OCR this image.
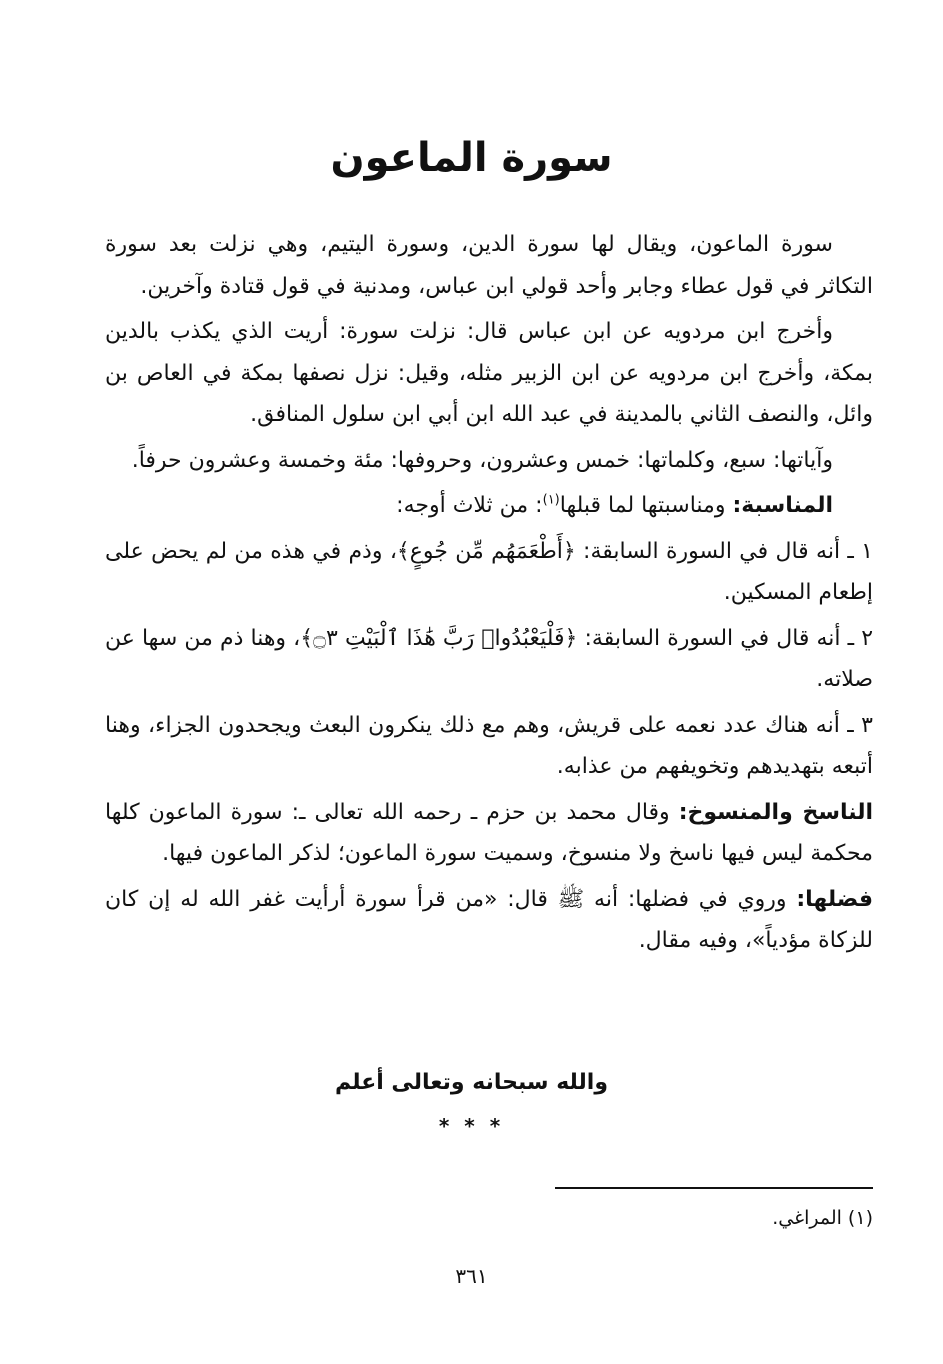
سورة الماعون

سورة الماعون، ويقال لها سورة الدين، وسورة اليتيم، وهي نزلت بعد سورة التكاثر في قول عطاء وجابر وأحد قولي ابن عباس، ومدنية في قول قتادة وآخرين.

وأخرج ابن مردويه عن ابن عباس قال: نزلت سورة: أريت الذي يكذب بالدين بمكة، وأخرج ابن مردويه عن ابن الزبير مثله، وقيل: نزل نصفها بمكة في العاص بن وائل، والنصف الثاني بالمدينة في عبد الله ابن أبي ابن سلول المنافق.

وآياتها: سبع، وكلماتها: خمس وعشرون، وحروفها: مئة وخمسة وعشرون حرفاً.

المناسبة: ومناسبتها لما قبلها$^{(١)}$: من ثلاث أوجه:

١ ـ أنه قال في السورة السابقة: ﴿أَطْعَمَهُم مِّن جُوعٍ﴾، وذم في هذه من لم يحض على إطعام المسكين.

٢ ـ أنه قال في السورة السابقة: ﴿فَلْيَعْبُدُوا۟ رَبَّ هَٰذَا ٱلْبَيْتِ ۝٣﴾، وهنا ذم من سها عن صلاته.

٣ ـ أنه هناك عدد نعمه على قريش، وهم مع ذلك ينكرون البعث ويجحدون الجزاء، وهنا أتبعه بتهديدهم وتخويفهم من عذابه.

الناسخ والمنسوخ: وقال محمد بن حزم ـ رحمه الله تعالى ـ: سورة الماعون كلها محكمة ليس فيها ناسخ ولا منسوخ، وسميت سورة الماعون؛ لذكر الماعون فيها.

فضلها: وروي في فضلها: أنه ﷺ قال: «من قرأ سورة أرأيت غفر الله له إن كان للزكاة مؤدياً»، وفيه مقال.

والله سبحانه وتعالى أعلم
* * *
(١) المراغي.
٣٦١
